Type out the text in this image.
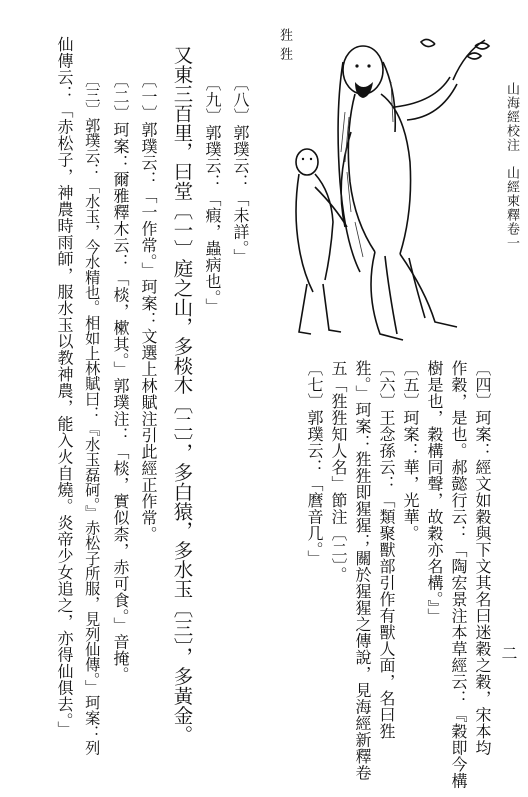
山海經校注　山經柬釋卷一
二
狌狌
〔四〕珂案：經文如穀與下文其名曰迷穀之穀，宋本均
作穀，是也。郝懿行云：「陶宏景注本草經云：『穀即今構
樹是也，穀構同聲，故穀亦名構。』」
〔五〕珂案：華，光華。
〔六〕王念孫云：「類聚獸部引作有獸人面，名曰狌
狌。」珂案：狌狌即猩猩；關於猩猩之傳說，見海經新釋卷
五「狌狌知人名」節注〔二〕。
〔七〕郭璞云：「麿音几。」
〔八〕郭璞云：「未詳。」
〔九〕郭璞云：「瘕，蟲病也。」
又東三百里，曰堂〔一〕庭之山，多棪木〔二〕，多白猿，多水玉〔三〕，多黃金。
〔一〕郭璞云：「一作常。」珂案：文選上林賦注引此經正作常。
〔二〕珂案：爾雅釋木云：「棪，樕其。」郭璞注：「棪，實似柰，赤可食。」音掩。
〔三〕郭璞云：「水玉，今水精也。相如上林賦曰：『水玉磊砢。』赤松子所服，見列仙傳。」珂案：列
仙傳云：「赤松子，神農時雨師，服水玉以教神農，能入火自燒。炎帝少女追之，亦得仙俱去。」
